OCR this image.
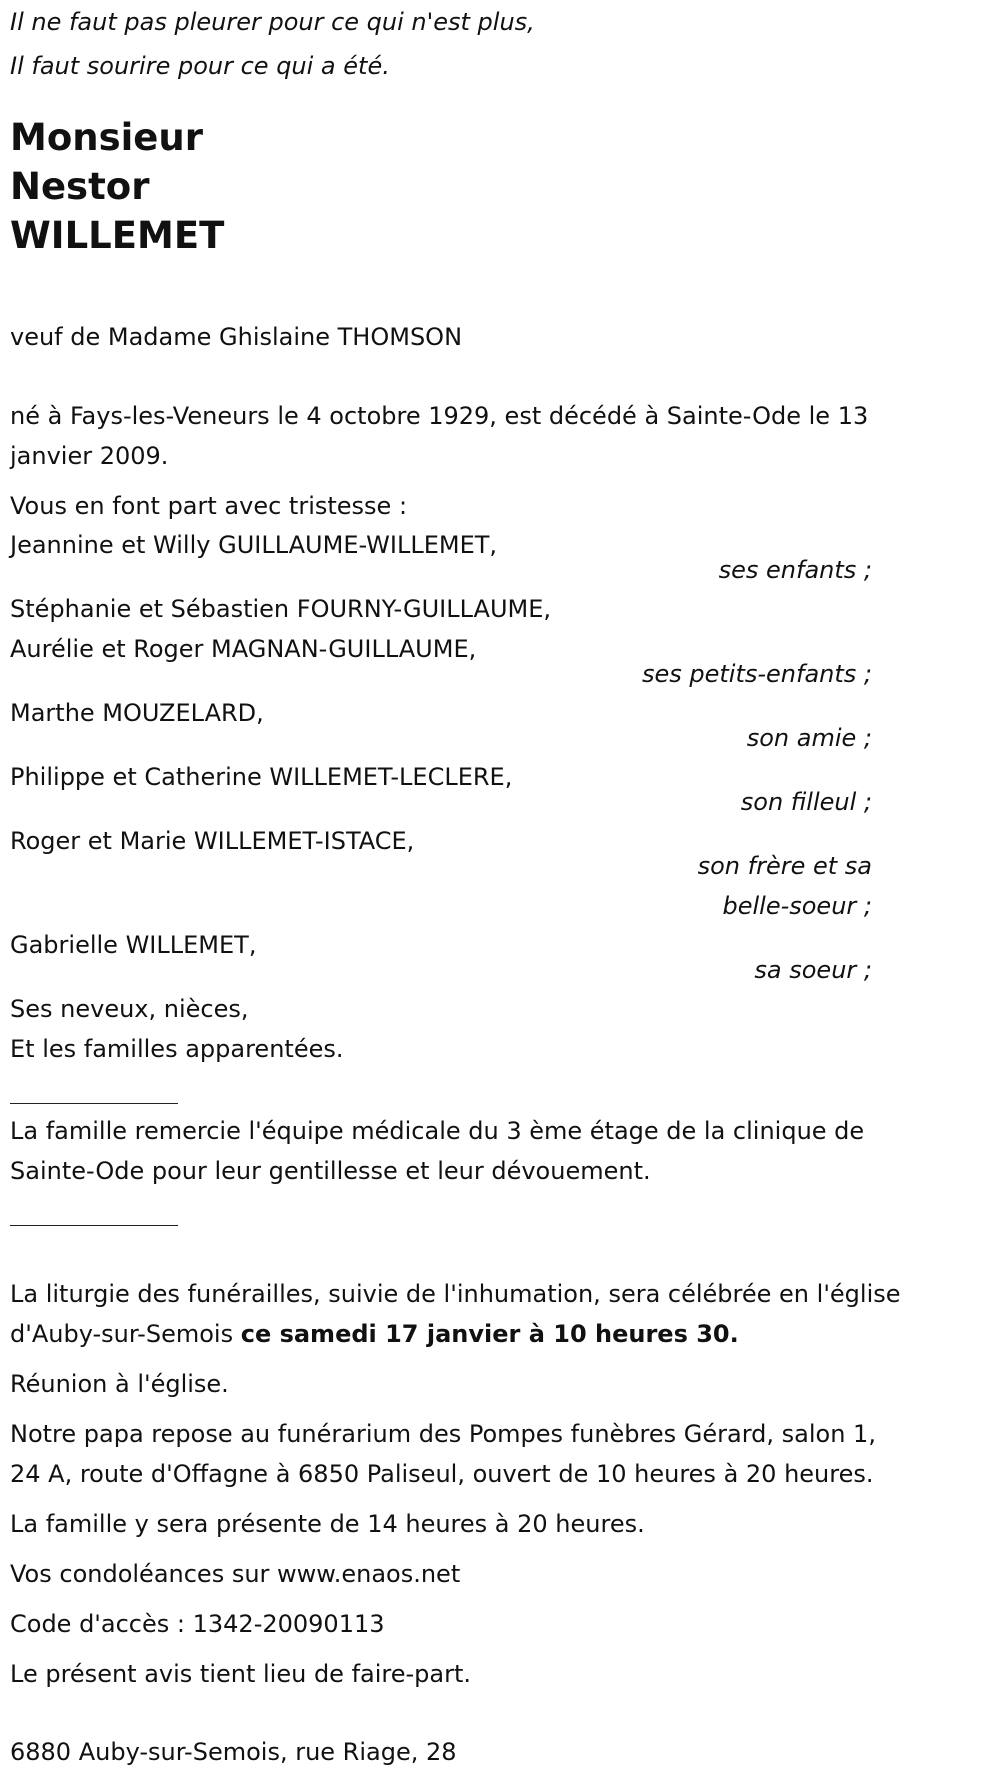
Il ne faut pas pleurer pour ce qui n'est plus,
Il faut sourire pour ce qui a été.
Monsieur
Nestor
WILLEMET
veuf de Madame Ghislaine THOMSON
né à Fays-les-Veneurs le 4 octobre 1929, est décédé à Sainte-Ode le 13
janvier 2009.
Vous en font part avec tristesse :
Jeannine et Willy GUILLAUME-WILLEMET,
ses enfants ;
Stéphanie et Sébastien FOURNY-GUILLAUME,
Aurélie et Roger MAGNAN-GUILLAUME,
ses petits-enfants ;
Marthe MOUZELARD,
son amie ;
Philippe et Catherine WILLEMET-LECLERE,
son filleul ;
Roger et Marie WILLEMET-ISTACE,
son frère et sa
belle-soeur ;
Gabrielle WILLEMET,
sa soeur ;
Ses neveux, nièces,
Et les familles apparentées.
La famille remercie l'équipe médicale du 3 ème étage de la clinique de
Sainte-Ode pour leur gentillesse et leur dévouement.
La liturgie des funérailles, suivie de l'inhumation, sera célébrée en l'église
d'Auby-sur-Semois ce samedi 17 janvier à 10 heures 30.
Réunion à l'église.
Notre papa repose au funérarium des Pompes funèbres Gérard, salon 1,
24 A, route d'Offagne à 6850 Paliseul, ouvert de 10 heures à 20 heures.
La famille y sera présente de 14 heures à 20 heures.
Vos condoléances sur www.enaos.net
Code d'accès : 1342-20090113
Le présent avis tient lieu de faire-part.
6880 Auby-sur-Semois, rue Riage, 28
